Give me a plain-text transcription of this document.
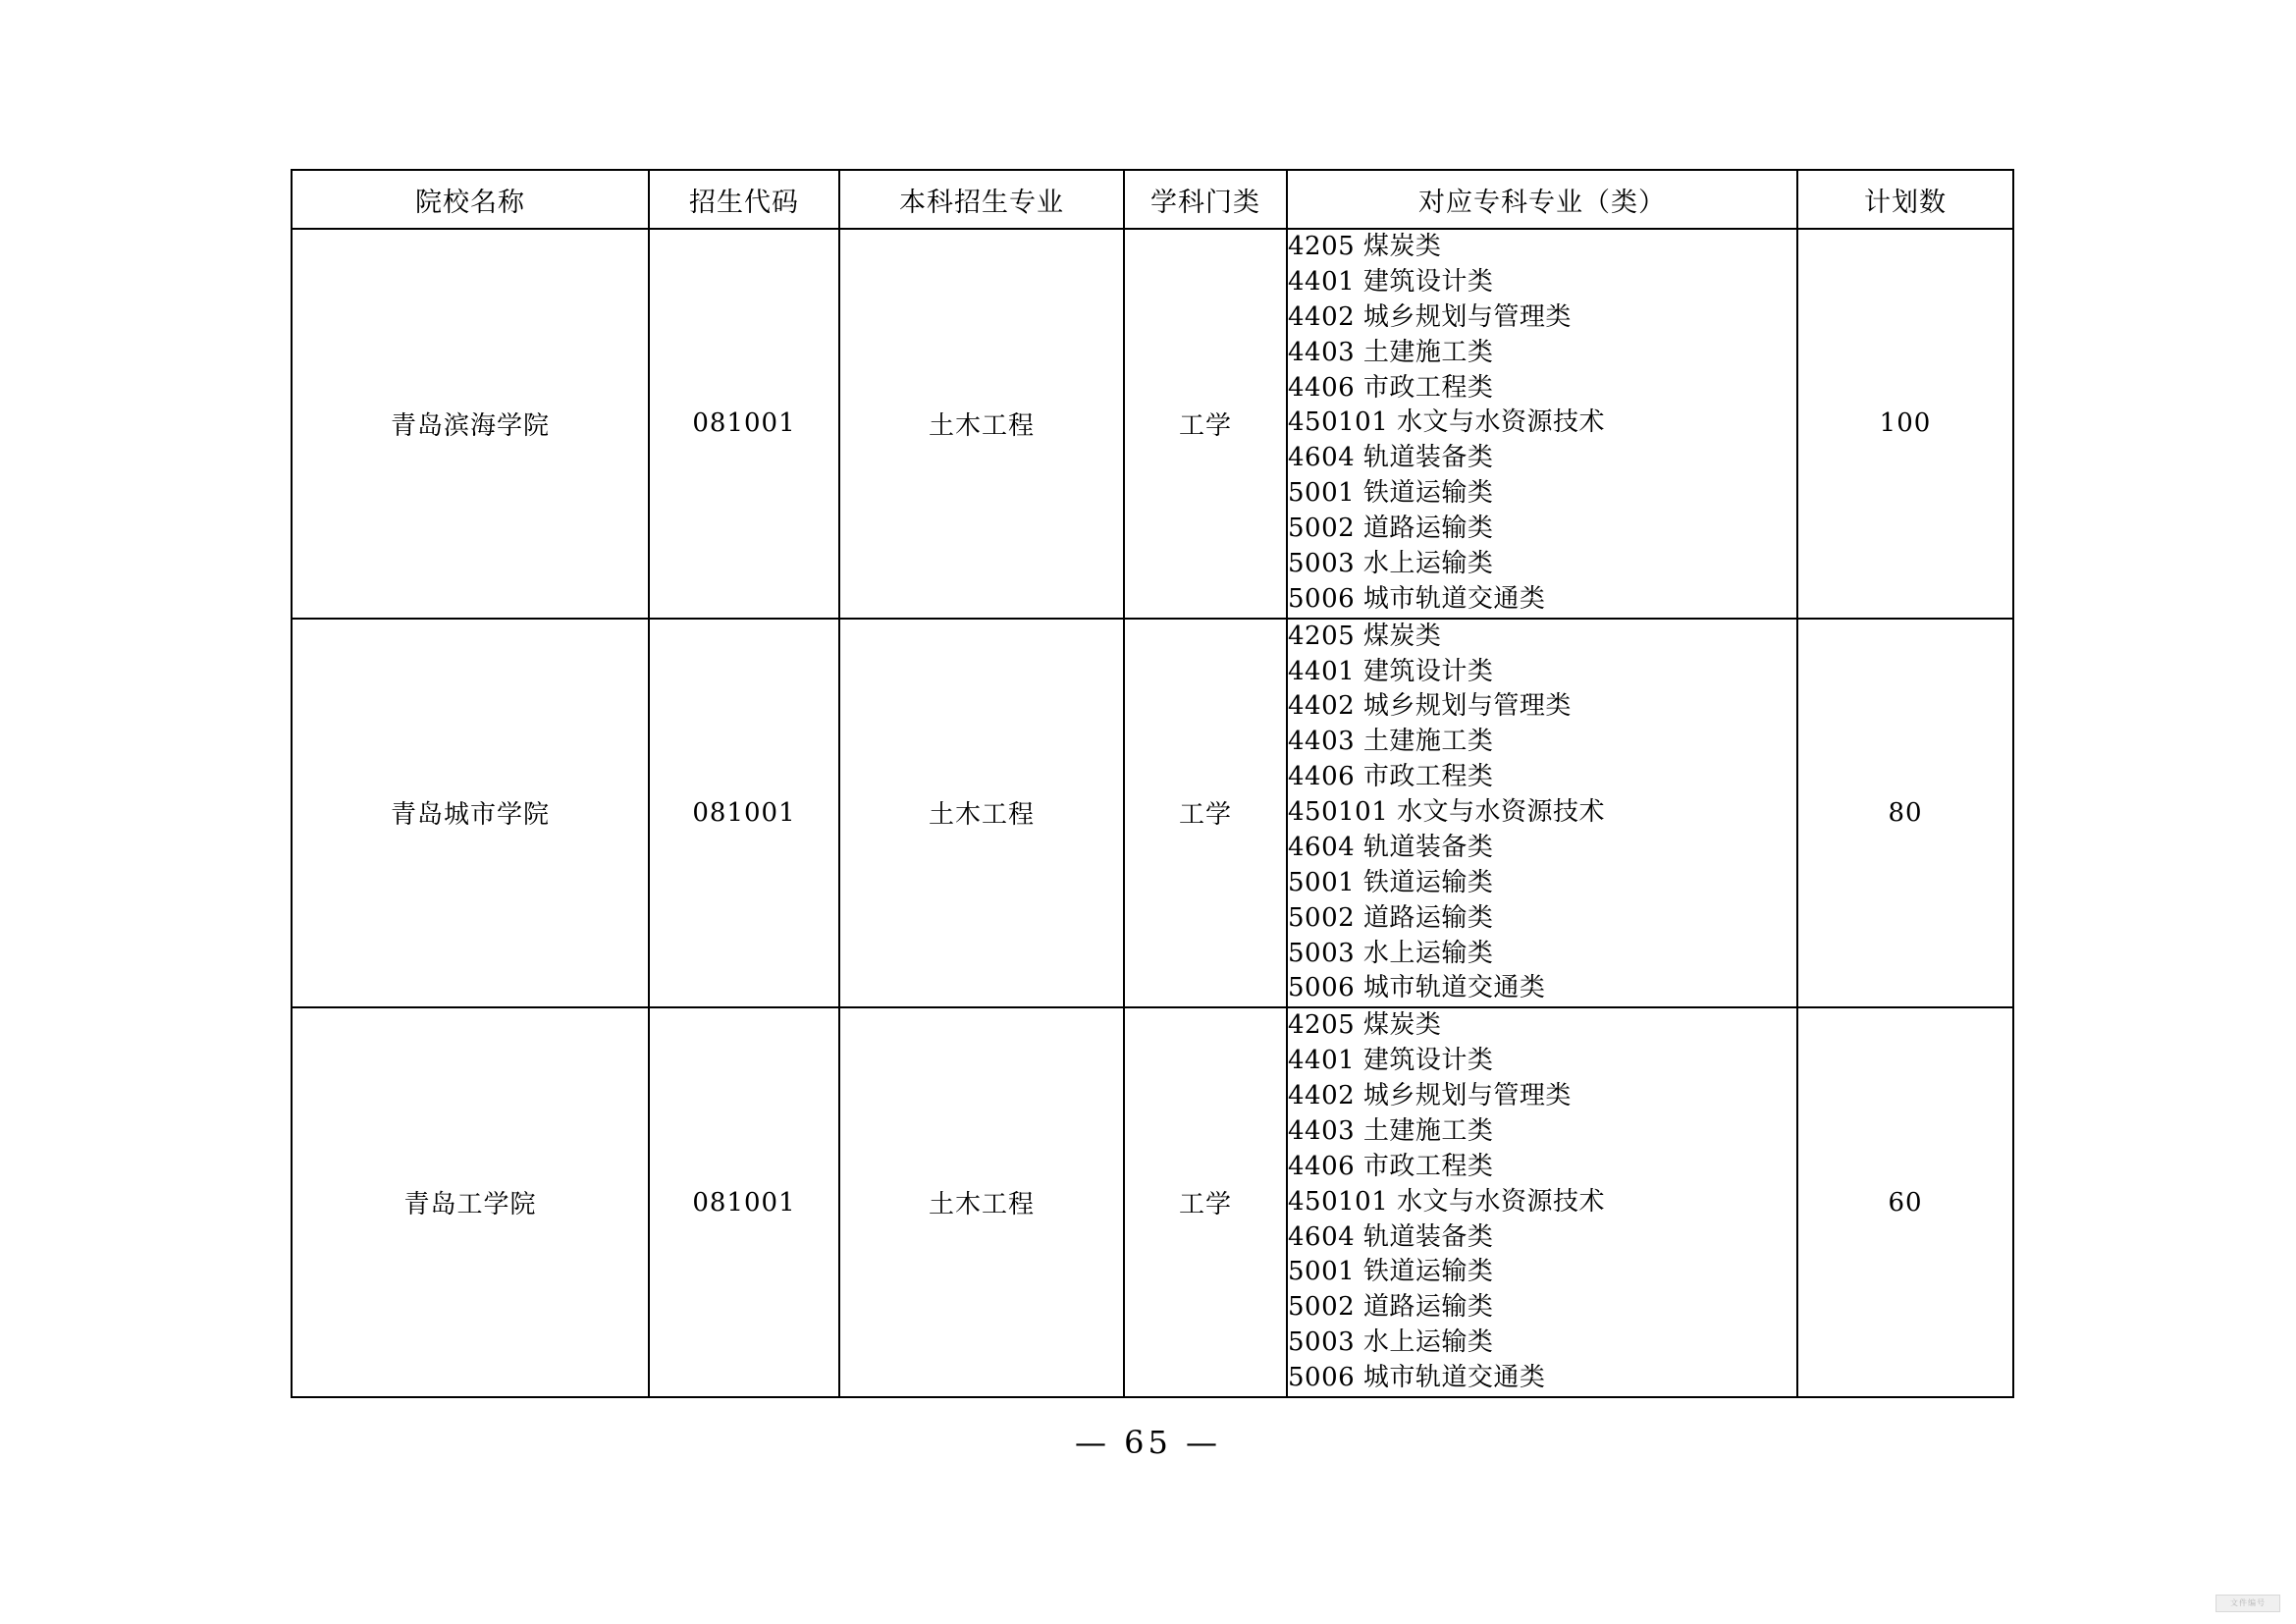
院校名称	招生代码	本科招生专业	学科门类	对应专科专业（类）	计划数
青岛滨海学院	081001	土木工程	工学	
4205 煤炭类
4401 建筑设计类
4402 城乡规划与管理类
4403 土建施工类
4406 市政工程类
450101 水文与水资源技术
4604 轨道装备类
5001 铁道运输类
5002 道路运输类
5003 水上运输类
5006 城市轨道交通类
	100
青岛城市学院	081001	土木工程	工学	
4205 煤炭类
4401 建筑设计类
4402 城乡规划与管理类
4403 土建施工类
4406 市政工程类
450101 水文与水资源技术
4604 轨道装备类
5001 铁道运输类
5002 道路运输类
5003 水上运输类
5006 城市轨道交通类
	80
青岛工学院	081001	土木工程	工学	
4205 煤炭类
4401 建筑设计类
4402 城乡规划与管理类
4403 土建施工类
4406 市政工程类
450101 水文与水资源技术
4604 轨道装备类
5001 铁道运输类
5002 道路运输类
5003 水上运输类
5006 城市轨道交通类
	60
— 65 —
文件编号
